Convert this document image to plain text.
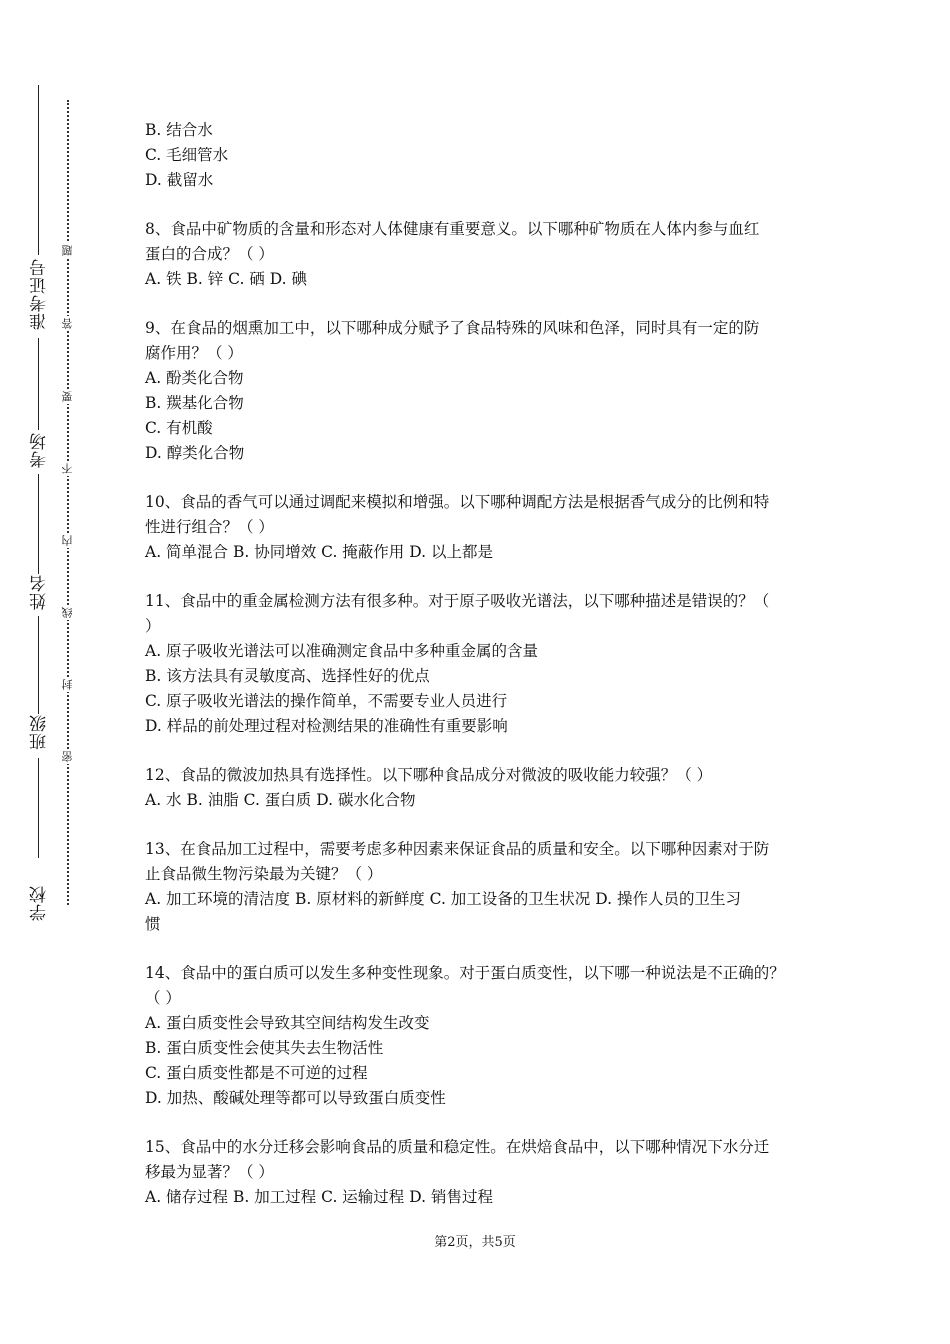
准考证号
考场
姓名
班级
学校
题
答
要
不
内
线
封
密
B. 结合水
C. 毛细管水
D. 截留水
8、食品中矿物质的含量和形态对人体健康有重要意义。以下哪种矿物质在人体内参与血红
蛋白的合成？（ ）
A. 铁 B. 锌 C. 硒 D. 碘
9、在食品的烟熏加工中，以下哪种成分赋予了食品特殊的风味和色泽，同时具有一定的防
腐作用？（ ）
A. 酚类化合物
B. 羰基化合物
C. 有机酸
D. 醇类化合物
10、食品的香气可以通过调配来模拟和增强。以下哪种调配方法是根据香气成分的比例和特
性进行组合？（ ）
A. 简单混合 B. 协同增效 C. 掩蔽作用 D. 以上都是
11、食品中的重金属检测方法有很多种。对于原子吸收光谱法，以下哪种描述是错误的？（
）
A. 原子吸收光谱法可以准确测定食品中多种重金属的含量
B. 该方法具有灵敏度高、选择性好的优点
C. 原子吸收光谱法的操作简单，不需要专业人员进行
D. 样品的前处理过程对检测结果的准确性有重要影响
12、食品的微波加热具有选择性。以下哪种食品成分对微波的吸收能力较强？（ ）
A. 水 B. 油脂 C. 蛋白质 D. 碳水化合物
13、在食品加工过程中，需要考虑多种因素来保证食品的质量和安全。以下哪种因素对于防
止食品微生物污染最为关键？（ ）
A. 加工环境的清洁度 B. 原材料的新鲜度 C. 加工设备的卫生状况 D. 操作人员的卫生习
惯
14、食品中的蛋白质可以发生多种变性现象。对于蛋白质变性，以下哪一种说法是不正确的？
（ ）
A. 蛋白质变性会导致其空间结构发生改变
B. 蛋白质变性会使其失去生物活性
C. 蛋白质变性都是不可逆的过程
D. 加热、酸碱处理等都可以导致蛋白质变性
15、食品中的水分迁移会影响食品的质量和稳定性。在烘焙食品中，以下哪种情况下水分迁
移最为显著？（ ）
A. 储存过程 B. 加工过程 C. 运输过程 D. 销售过程
第2页，共5页
